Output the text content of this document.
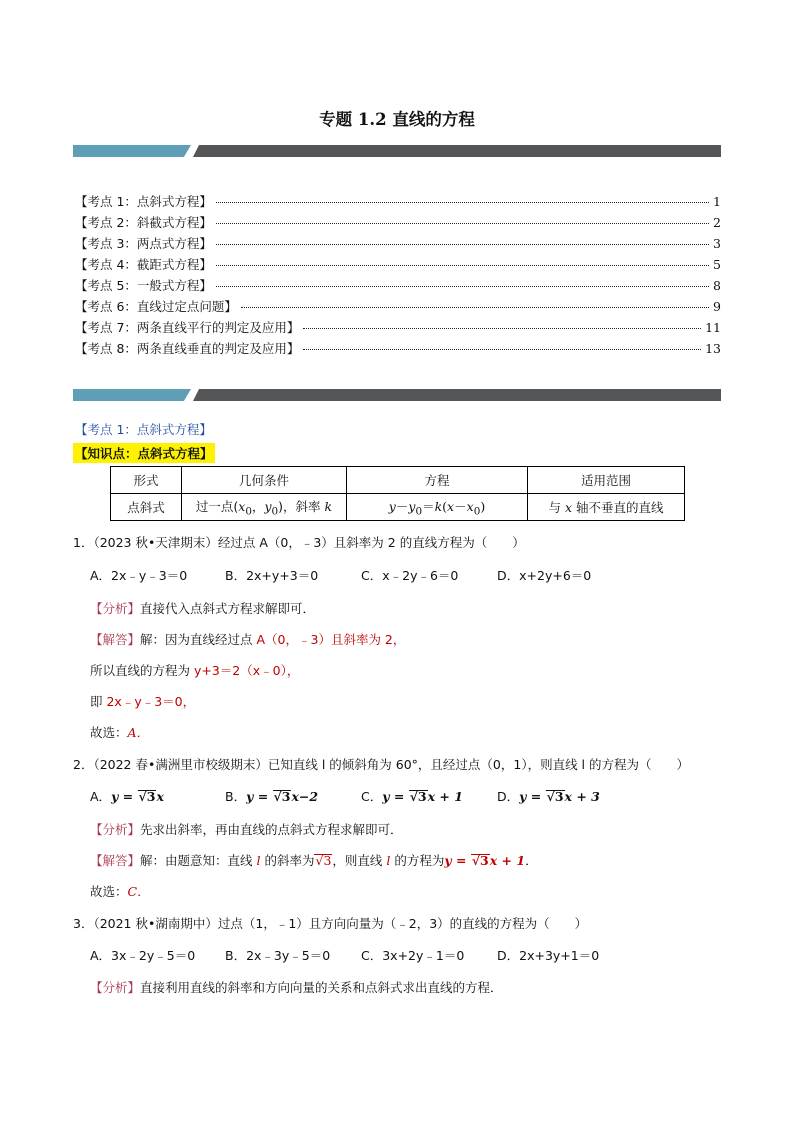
专题 1.2 直线的方程
【考点 1：点斜式方程】	1
【考点 2：斜截式方程】	2
【考点 3：两点式方程】	3
【考点 4：截距式方程】	5
【考点 5：一般式方程】	8
【考点 6：直线过定点问题】	9
【考点 7：两条直线平行的判定及应用】	11
【考点 8：两条直线垂直的判定及应用】	13
【考点 1：点斜式方程】
【知识点：点斜式方程】
形式	几何条件	方程	适用范围
点斜式	过一点($x_0$，$y_0$)，斜率 k	$y-y_0=k(x-x_0)$	与 x 轴不垂直的直线
1．（2023 秋•天津期末）经过点 A（0，﹣3）且斜率为 2 的直线方程为（　　）
A．2x﹣y﹣3＝0	B．2x+y+3＝0	C．x﹣2y﹣6＝0	D．x+2y+6＝0
【分析】直接代入点斜式方程求解即可．
【解答】解：因为直线经过点 A（0，﹣3）且斜率为 2，
所以直线的方程为 y+3＝2（x﹣0），
即 2x﹣y﹣3＝0，
故选：A．
2．（2022 春•满洲里市校级期末）已知直线 l 的倾斜角为 60°，且经过点（0，1），则直线 l 的方程为（　　）
A．y = √3x	B．y = √3x−2	C．y = √3x + 1	D．y = √3x + 3
【分析】先求出斜率，再由直线的点斜式方程求解即可．
【解答】解：由题意知：直线 l 的斜率为√3，则直线 l 的方程为y = √3x + 1．
故选：C．
3．（2021 秋•湖南期中）过点（1，﹣1）且方向向量为（﹣2，3）的直线的方程为（　　）
A．3x﹣2y﹣5＝0 B．2x﹣3y﹣5＝0 C．3x+2y﹣1＝0	D．2x+3y+1＝0
【分析】直接利用直线的斜率和方向向量的关系和点斜式求出直线的方程．
